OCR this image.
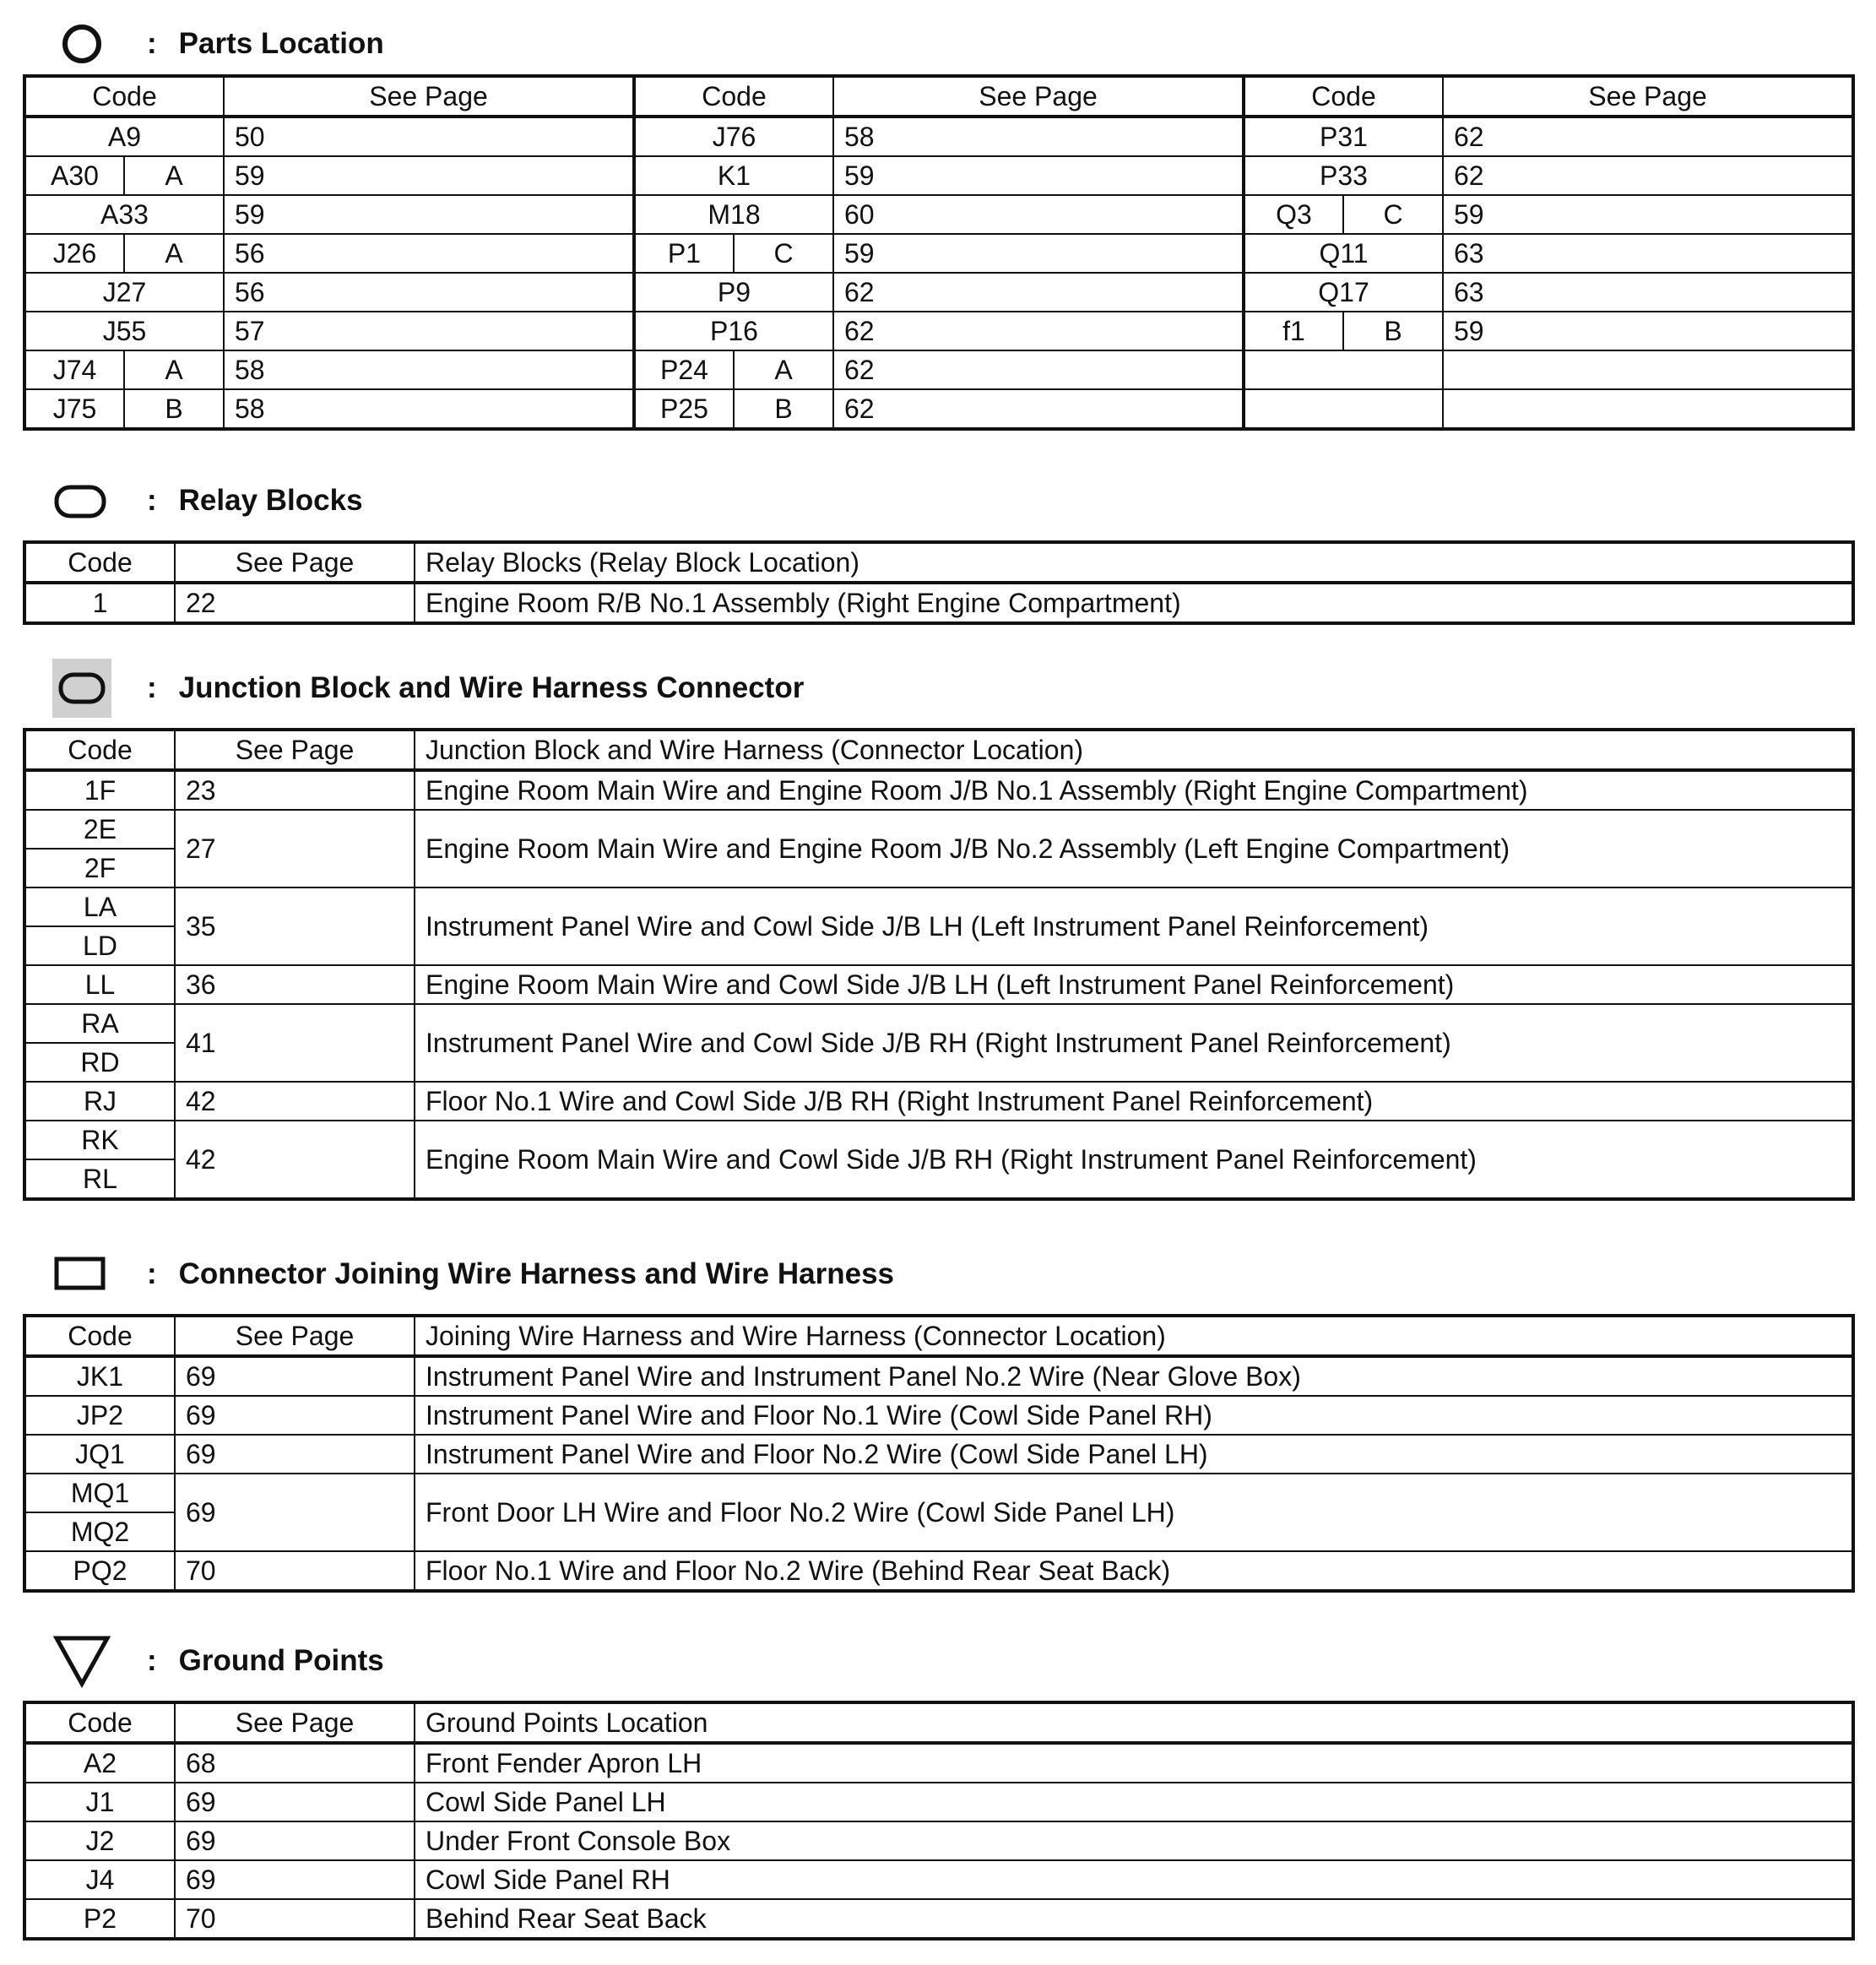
: Parts Location
Code		See Page	Code		See Page	Code		See Page
A9		50	J76		58	P31		62
A30	A	59	K1		59	P33		62
A33		59	M18		60	Q3	C	59
J26	A	56	P1	C	59	Q11		63
J27		56	P9		62	Q17		63
J55		57	P16		62	f1	B	59
J74	A	58	P24	A	62			
J75	B	58	P25	B	62			
: Relay Blocks
Code	See Page	Relay Blocks (Relay Block Location)
1	22	Engine Room R/B No.1 Assembly (Right Engine Compartment)
: Junction Block and Wire Harness Connector
Code	See Page	Junction Block and Wire Harness (Connector Location)
1F	23	Engine Room Main Wire and Engine Room J/B No.1 Assembly (Right Engine Compartment)
2E	27	Engine Room Main Wire and Engine Room J/B No.2 Assembly (Left Engine Compartment)
2F		
LA	35	Instrument Panel Wire and Cowl Side J/B LH (Left Instrument Panel Reinforcement)
LD		
LL	36	Engine Room Main Wire and Cowl Side J/B LH (Left Instrument Panel Reinforcement)
RA	41	Instrument Panel Wire and Cowl Side J/B RH (Right Instrument Panel Reinforcement)
RD		
RJ	42	Floor No.1 Wire and Cowl Side J/B RH (Right Instrument Panel Reinforcement)
RK	42	Engine Room Main Wire and Cowl Side J/B RH (Right Instrument Panel Reinforcement)
RL		
: Connector Joining Wire Harness and Wire Harness
Code	See Page	Joining Wire Harness and Wire Harness (Connector Location)
JK1	69	Instrument Panel Wire and Instrument Panel No.2 Wire (Near Glove Box)
JP2	69	Instrument Panel Wire and Floor No.1 Wire (Cowl Side Panel RH)
JQ1	69	Instrument Panel Wire and Floor No.2 Wire (Cowl Side Panel LH)
MQ1	69	Front Door LH Wire and Floor No.2 Wire (Cowl Side Panel LH)
MQ2		
PQ2	70	Floor No.1 Wire and Floor No.2 Wire (Behind Rear Seat Back)
: Ground Points
Code	See Page	Ground Points Location
A2	68	Front Fender Apron LH
J1	69	Cowl Side Panel LH
J2	69	Under Front Console Box
J4	69	Cowl Side Panel RH
P2	70	Behind Rear Seat Back
